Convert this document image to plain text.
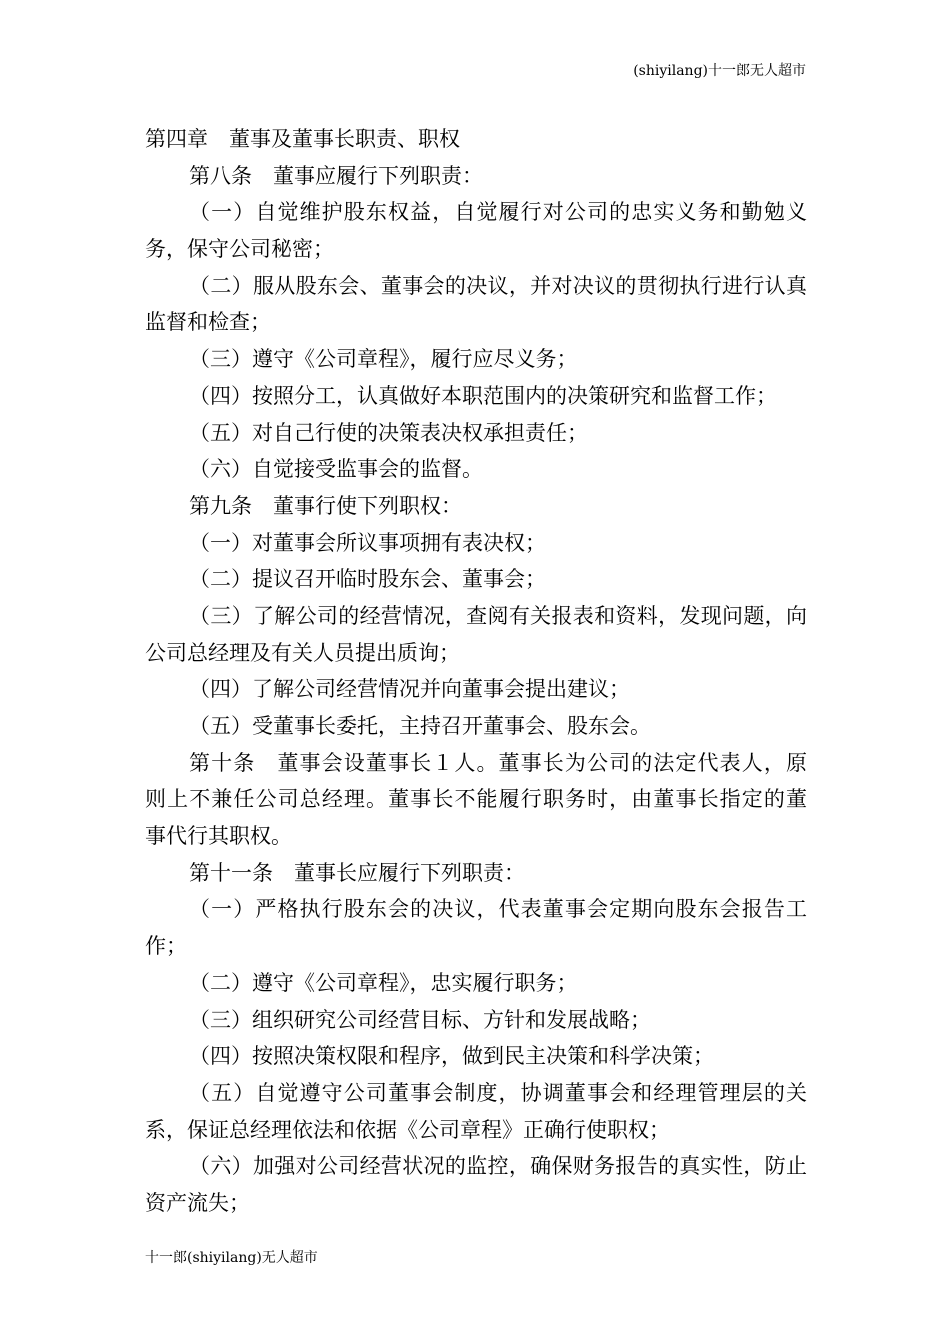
(shiyilang)十一郎无人超市
第四章　董事及董事长职责、职权
第八条　董事应履行下列职责：
（一）自觉维护股东权益，自觉履行对公司的忠实义务和勤勉义
务，保守公司秘密；
（二）服从股东会、董事会的决议，并对决议的贯彻执行进行认真
监督和检查；
（三）遵守《公司章程》，履行应尽义务；
（四）按照分工，认真做好本职范围内的决策研究和监督工作；
（五）对自己行使的决策表决权承担责任；
（六）自觉接受监事会的监督。
第九条　董事行使下列职权：
（一）对董事会所议事项拥有表决权；
（二）提议召开临时股东会、董事会；
（三）了解公司的经营情况，查阅有关报表和资料，发现问题，向
公司总经理及有关人员提出质询；
（四）了解公司经营情况并向董事会提出建议；
（五）受董事长委托，主持召开董事会、股东会。
第十条　董事会设董事长１人。董事长为公司的法定代表人，原
则上不兼任公司总经理。董事长不能履行职务时，由董事长指定的董
事代行其职权。
第十一条　董事长应履行下列职责：
（一）严格执行股东会的决议，代表董事会定期向股东会报告工
作；
（二）遵守《公司章程》，忠实履行职务；
（三）组织研究公司经营目标、方针和发展战略；
（四）按照决策权限和程序，做到民主决策和科学决策；
（五）自觉遵守公司董事会制度，协调董事会和经理管理层的关
系，保证总经理依法和依据《公司章程》正确行使职权；
（六）加强对公司经营状况的监控，确保财务报告的真实性，防止
资产流失；
十一郎(shiyilang)无人超市
